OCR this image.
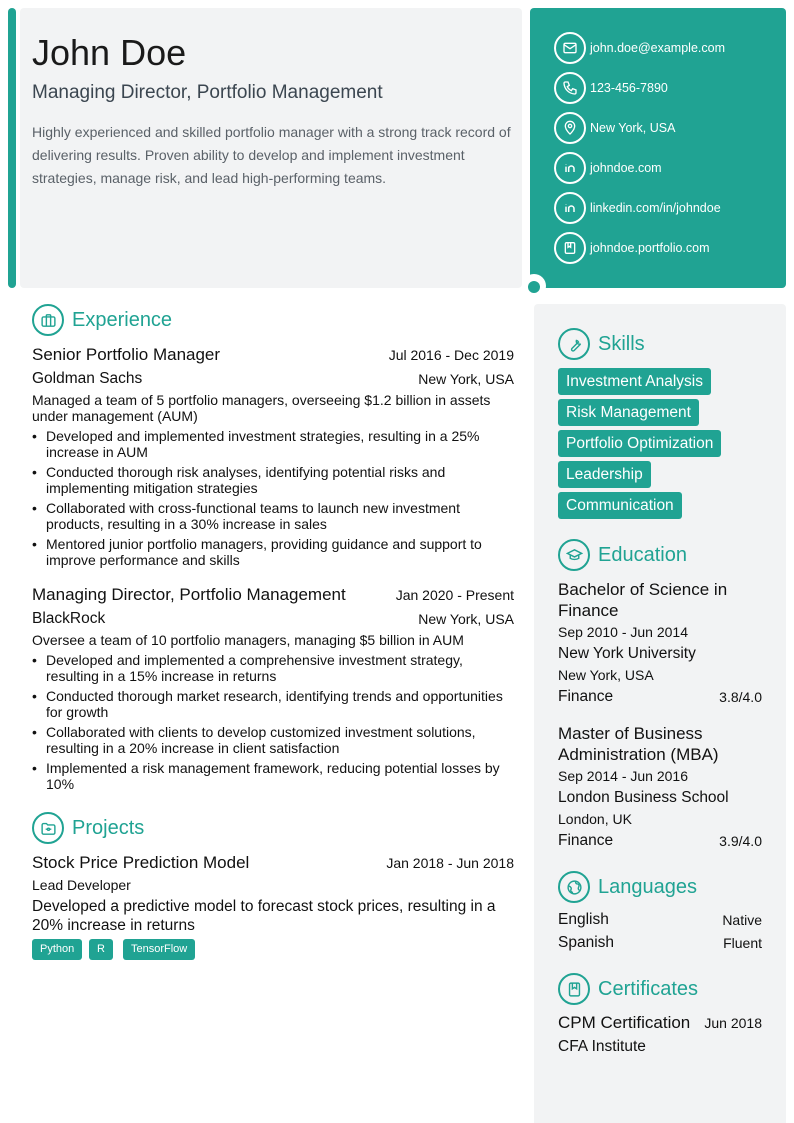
John Doe
Managing Director, Portfolio Management
Highly experienced and skilled portfolio manager with a strong track record of delivering results. Proven ability to develop and implement investment strategies, manage risk, and lead high-performing teams.
john.doe@example.com
123-456-7890
New York, USA
johndoe.com
linkedin.com/in/johndoe
johndoe.portfolio.com
Experience
Senior Portfolio Manager	Jul 2016 - Dec 2019
Goldman Sachs	New York, USA
Managed a team of 5 portfolio managers, overseeing $1.2 billion in assets under management (AUM)
• Developed and implemented investment strategies, resulting in a 25% increase in AUM
• Conducted thorough risk analyses, identifying potential risks and implementing mitigation strategies
• Collaborated with cross-functional teams to launch new investment products, resulting in a 30% increase in sales
• Mentored junior portfolio managers, providing guidance and support to improve performance and skills
Managing Director, Portfolio Management	Jan 2020 - Present
BlackRock	New York, USA
Oversee a team of 10 portfolio managers, managing $5 billion in AUM
• Developed and implemented a comprehensive investment strategy, resulting in a 15% increase in returns
• Conducted thorough market research, identifying trends and opportunities for growth
• Collaborated with clients to develop customized investment solutions, resulting in a 20% increase in client satisfaction
• Implemented a risk management framework, reducing potential losses by 10%
Projects
Stock Price Prediction Model	Jan 2018 - Jun 2018
Lead Developer
Developed a predictive model to forecast stock prices, resulting in a 20% increase in returns
Python	R	TensorFlow
Skills
Investment Analysis
Risk Management
Portfolio Optimization
Leadership
Communication
Education
Bachelor of Science in Finance
Sep 2010 - Jun 2014
New York University
New York, USA
Finance	3.8/4.0
Master of Business Administration (MBA)
Sep 2014 - Jun 2016
London Business School
London, UK
Finance	3.9/4.0
Languages
English	Native
Spanish	Fluent
Certificates
CPM Certification Jun 2018
CFA Institute
